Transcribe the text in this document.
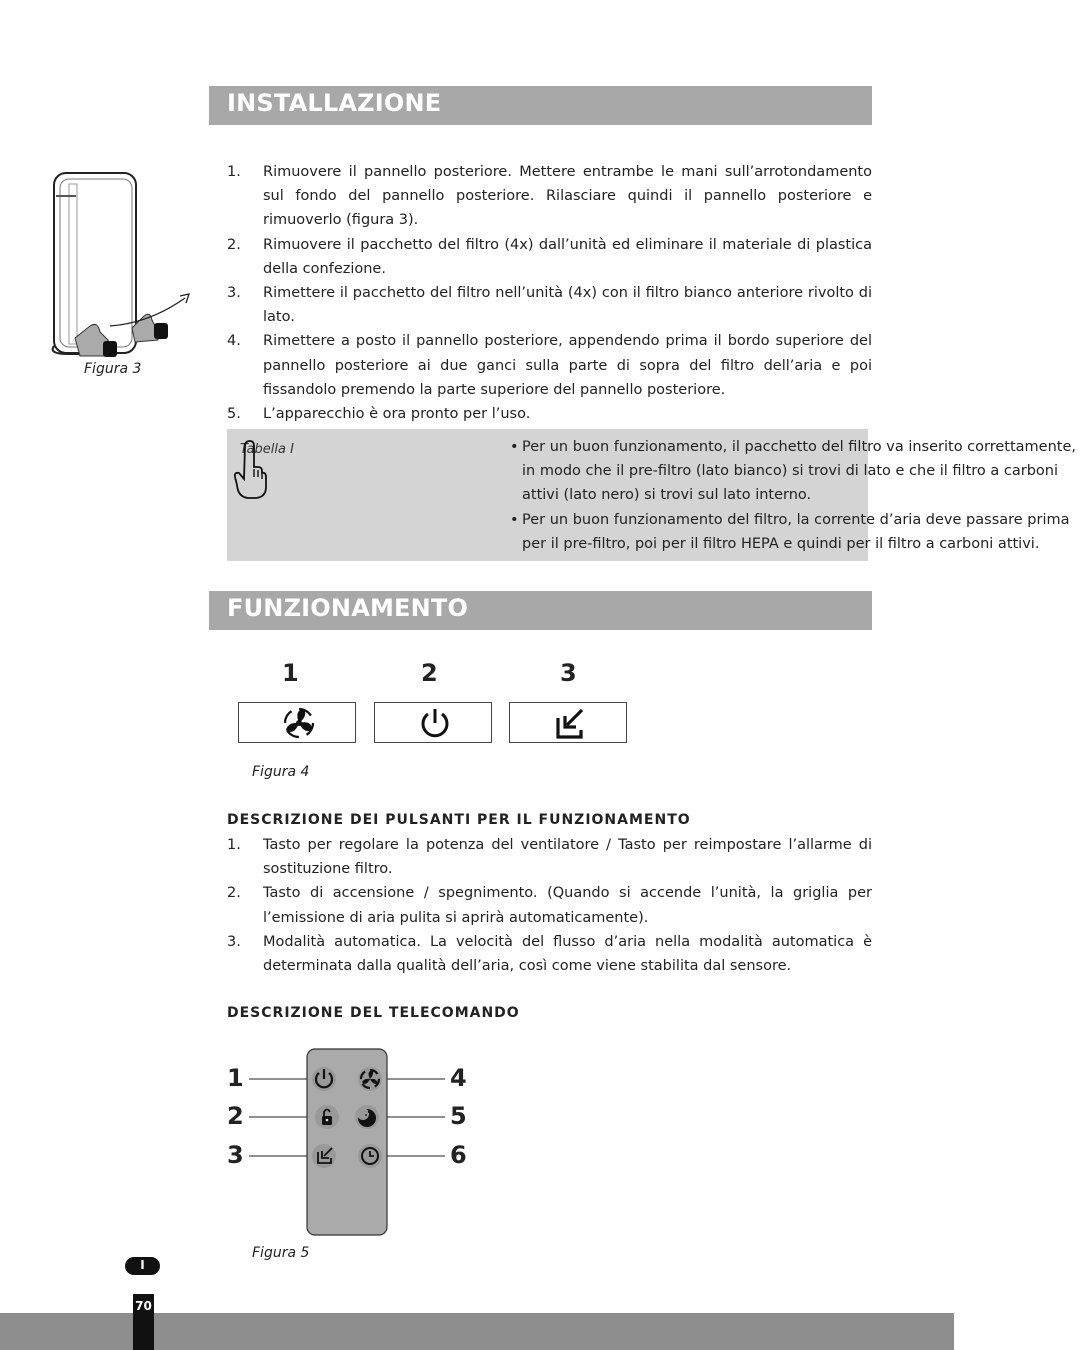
INSTALLAZIONE
Figura 3
1. Rimuovere il pannello posteriore. Mettere entrambe le mani sull’arrotondamento sul fondo del pannello posteriore. Rilasciare quindi il pannello posteriore e rimuoverlo (figura 3).
2. Rimuovere il pacchetto del filtro (4x) dall’unità ed eliminare il materiale di plastica della confezione.
3. Rimettere il pacchetto del filtro nell’unità (4x) con il filtro bianco anteriore rivolto di lato.
4. Rimettere a posto il pannello posteriore, appendendo prima il bordo superiore del pannello posteriore ai due ganci sulla parte di sopra del filtro dell’aria e poi fissandolo premendo la parte superiore del pannello posteriore.
5. L’apparecchio è ora pronto per l’uso.
Tabella I	• Per un buon funzionamento, il pacchetto del filtro va inserito correttamente, in modo che il pre-filtro (lato bianco) si trovi di lato e che il filtro a carboni attivi (lato nero) si trovi sul lato interno.
• Per un buon funzionamento del filtro, la corrente d’aria deve passare prima per il pre-filtro, poi per il filtro HEPA e quindi per il filtro a carboni attivi.
FUNZIONAMENTO
1	2	3
Figura 4
DESCRIZIONE DEI PULSANTI PER IL FUNZIONAMENTO
1. Tasto per regolare la potenza del ventilatore / Tasto per reimpostare l’allarme di sostituzione filtro.
2. Tasto di accensione / spegnimento. (Quando si accende l’unità, la griglia per l’emissione di aria pulita si aprirà automaticamente).
3. Modalità automatica. La velocità del flusso d’aria nella modalità automatica è determinata dalla qualità dell’aria, così come viene stabilita dal sensore.
DESCRIZIONE DEL TELECOMANDO
1
2
3
4
5
6
Figura 5
I
70
